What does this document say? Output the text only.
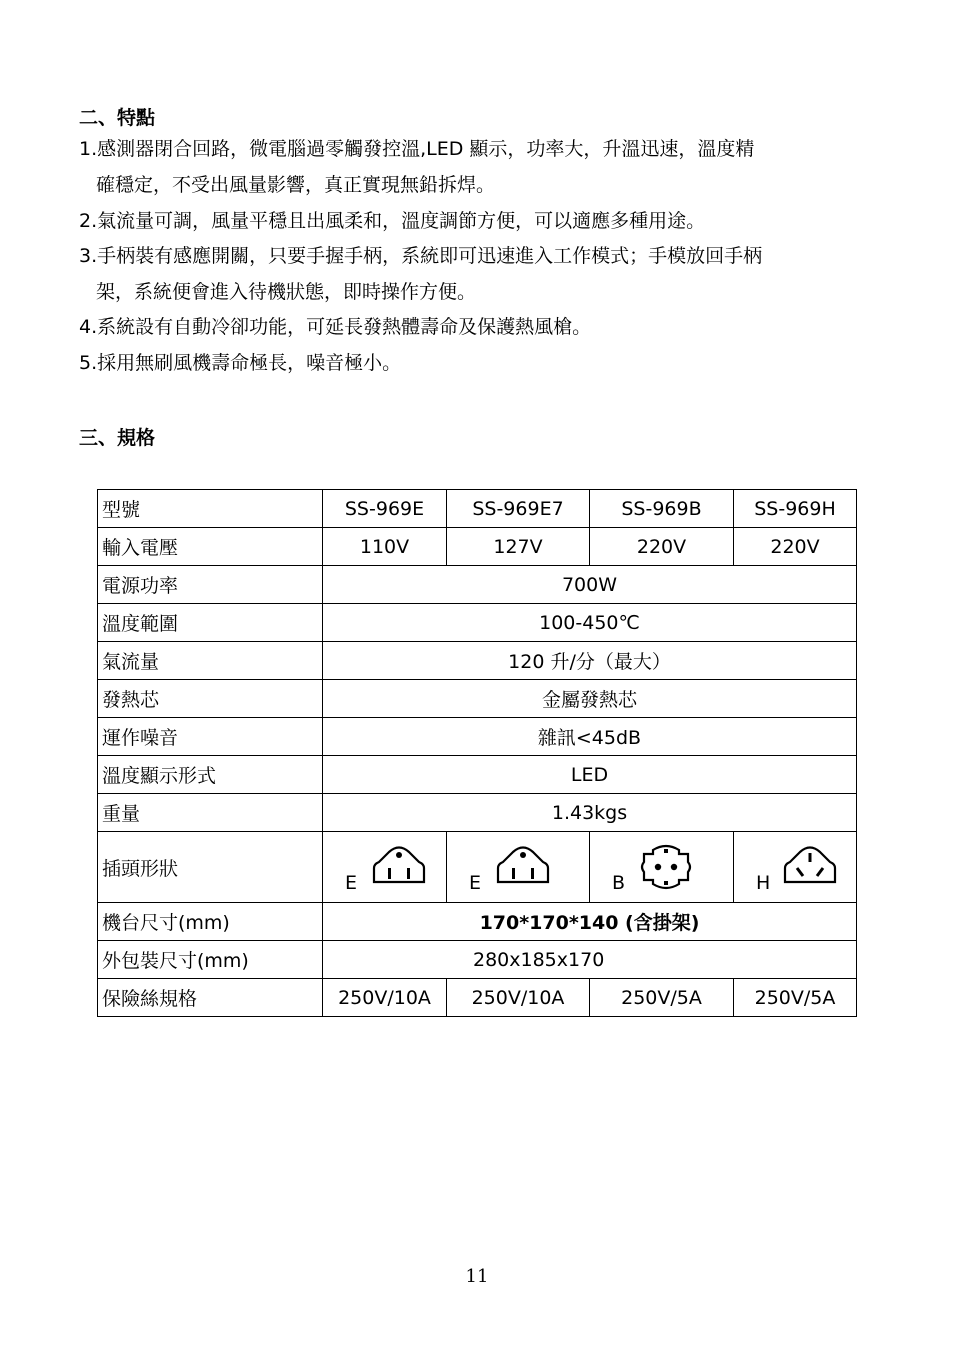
二、特點
1.感測器閉合回路，微電腦過零觸發控溫,LED 顯示，功率大，升溫迅速，溫度精
確穩定，不受出風量影響，真正實現無鉛拆焊。
2.氣流量可調，風量平穩且出風柔和，溫度調節方便，可以適應多種用途。
3.手柄裝有感應開關，只要手握手柄，系統即可迅速進入工作模式；手模放回手柄
架，系統便會進入待機狀態，即時操作方便。
4.系統設有自動冷卻功能，可延長發熱體壽命及保護熱風槍。
5.採用無刷風機壽命極長，噪音極小。
三、規格
型號	SS-969E	SS-969E7	SS-969B	SS-969H
輸入電壓	110V	127V	220V	220V
電源功率	700W			
溫度範圍	100-450℃			
氣流量	120 升/分（最大）			
發熱芯	金屬發熱芯			
運作噪音	雜訊<45dB			
溫度顯示形式	LED			
重量	1.43kgs			
插頭形狀	E	E	B	H

機台尺寸(mm)	170*170*140 (含掛架)			
外包裝尺寸(mm)	280x185x170			
保險絲規格	250V/10A	250V/10A	250V/5A	250V/5A
11
